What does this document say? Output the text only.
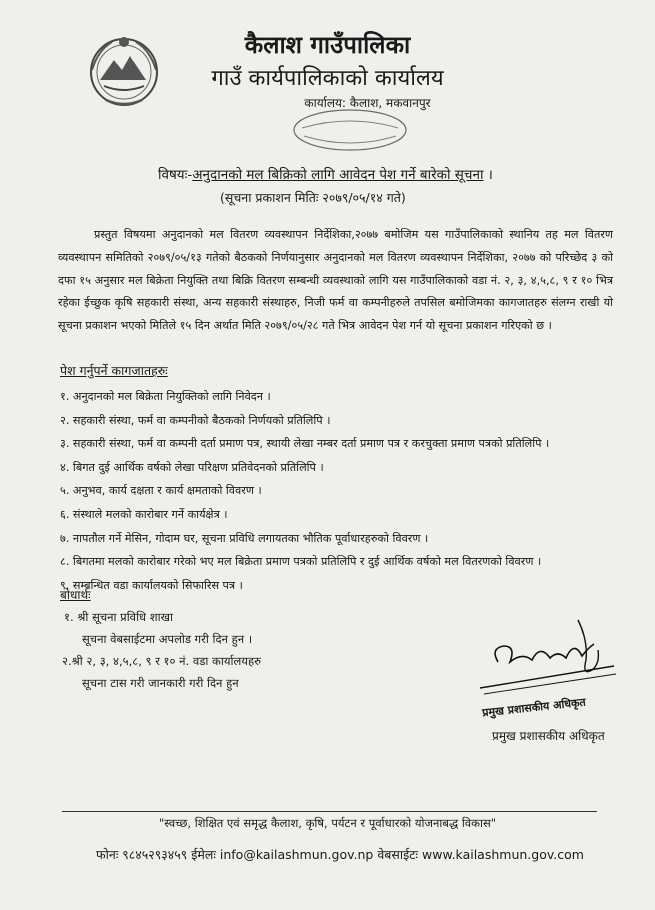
कैलाश गाउँपालिका
गाउँ कार्यपालिकाको कार्यालय
कार्यालय: कैलाश, मकवानपुर
विषयः-अनुदानको मल बिक्रिको लागि आवेदन पेश गर्ने बारेको सूचना ।
(सूचना प्रकाशन मितिः २०७९/०५/१४ गते)
प्रस्तुत विषयमा अनुदानको मल वितरण व्यवस्थापन निर्देशिका,२०७७ बमोजिम यस गाउँपालिकाको स्थानिय तह मल वितरण व्यवस्थापन समितिको २०७९/०५/१३ गतेको बैठकको निर्णयानुसार अनुदानको मल वितरण व्यवस्थापन निर्देशिका, २०७७ को परिच्छेद ३ को दफा १५ अनुसार मल बिक्रेता नियुक्ति तथा बिक्रि वितरण सम्बन्धी व्यवस्थाको लागि यस गाउँपालिकाको वडा नं. २, ३, ४,५,८, ९ र १० भित्र रहेका ईच्छुक कृषि सहकारी संस्था, अन्य सहकारी संस्थाहरु, निजी फर्म वा कम्पनीहरुले तपसिल बमोजिमका कागजातहरु संलग्न राखी यो सूचना प्रकाशन भएको मितिले १५ दिन अर्थात मिति २०७९/०५/२८ गते भित्र आवेदन पेश गर्न यो सूचना प्रकाशन गरिएको छ ।
पेश गर्नुपर्ने कागजातहरुः
१. अनुदानको मल बिक्रेता नियुक्तिको लागि निवेदन ।
२. सहकारी संस्था, फर्म वा कम्पनीको बैठकको निर्णयको प्रतिलिपि ।
३. सहकारी संस्था, फर्म वा कम्पनी दर्ता प्रमाण पत्र, स्थायी लेखा नम्बर दर्ता प्रमाण पत्र र करचुक्ता प्रमाण पत्रको प्रतिलिपि ।
४. बिगत दुई आर्थिक वर्षको लेखा परिक्षण प्रतिवेदनको प्रतिलिपि ।
५. अनुभव, कार्य दक्षता र कार्य क्षमताको विवरण ।
६. संस्थाले मलको कारोबार गर्ने कार्यक्षेत्र ।
७. नापतौल गर्ने मेसिन, गोदाम घर, सूचना प्रविधि लगायतका भौतिक पूर्वाधारहरुको विवरण ।
८. बिगतमा मलको कारोबार गरेको भए मल बिक्रेता प्रमाण पत्रको प्रतिलिपि र दुई आर्थिक वर्षको मल वितरणको विवरण ।
९. सम्बन्धित वडा कार्यालयको सिफारिस पत्र ।
बोधार्थः
१. श्री सूचना प्रविधि शाखा
सूचना वेबसाईटमा अपलोड गरी दिन हुन ।
२.श्री २, ३, ४,५,८, ९ र १० नं. वडा कार्यालयहरु
सूचना टास गरी जानकारी गरी दिन हुन
प्रमुख प्रशासकीय अधिकृत
प्रमुख प्रशासकीय अधिकृत
"स्वच्छ, शिक्षित एवं समृद्ध कैलाश, कृषि, पर्यटन र पूर्वाधारको योजनाबद्ध विकास"
फोनः ९८४५२९३४५९ ईमेलः info@kailashmun.gov.np वेबसाईटः www.kailashmun.gov.com
